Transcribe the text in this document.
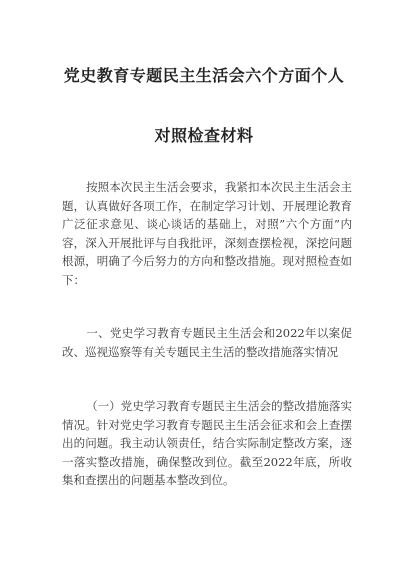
党史教育专题民主生活会六个方面个人
对照检查材料

按照本次民主生活会要求，我紧扣本次民主生活会主题，认真做好各项工作，在制定学习计划、开展理论教育广泛征求意见、谈心谈话的基础上，对照”六个方面”内容，深入开展批评与自我批评，深刻查摆检视，深挖问题根源，明确了今后努力的方向和整改措施。现对照检查如下：

一、党史学习教育专题民主生活会和2022年以案促改、巡视巡察等有关专题民主生活的整改措施落实情况

（一）党史学习教育专题民主生活会的整改措施落实情况。针对党史学习教育专题民主生活会征求和会上查摆出的问题。我主动认领责任，结合实际制定整改方案，逐一落实整改措施，确保整改到位。截至2022年底，所收集和查摆出的问题基本整改到位。
